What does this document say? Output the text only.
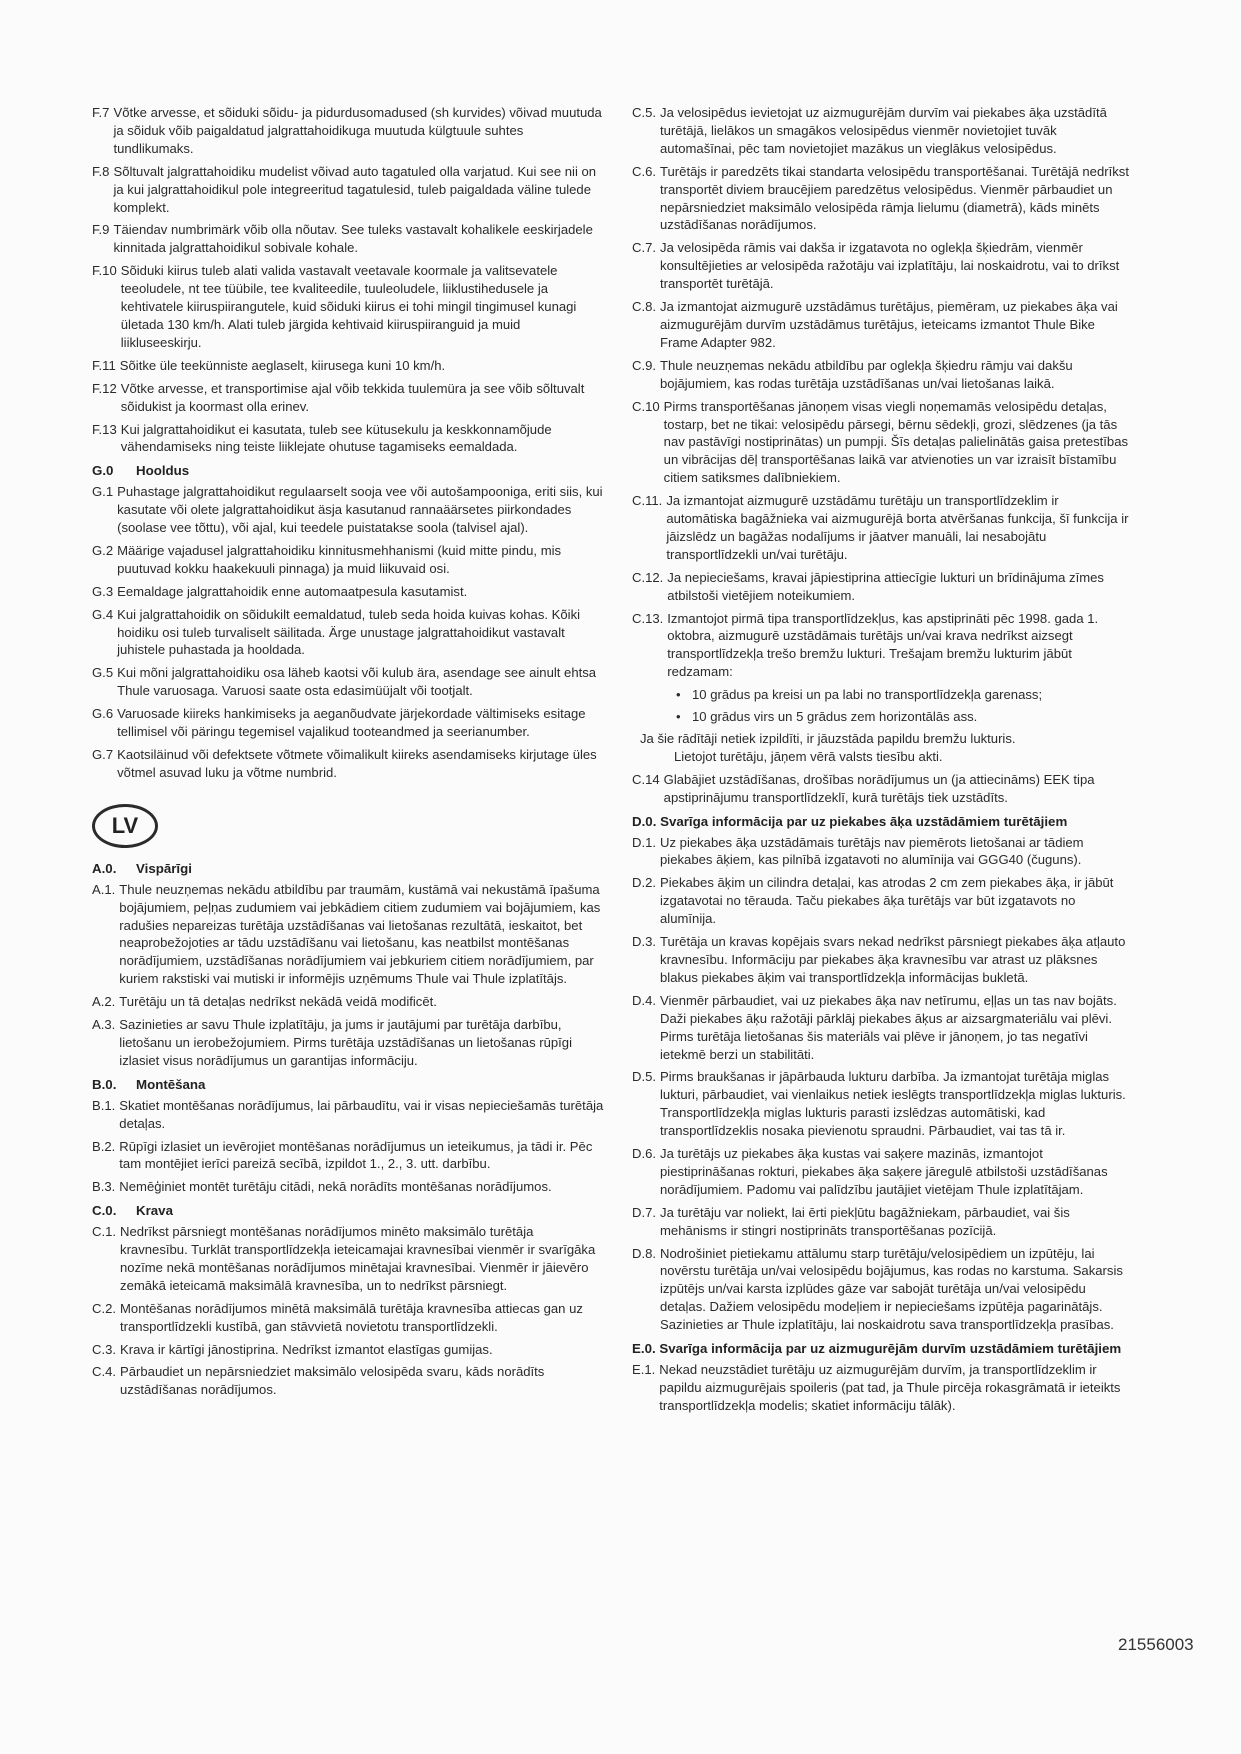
F.7 Võtke arvesse, et sõiduki sõidu- ja pidurdusomadused (sh kurvides) võivad muutuda ja sõiduk võib paigaldatud jalgrattahoidikuga muutuda külgtuule suhtes tundlikumaks.
F.8 Sõltuvalt jalgrattahoidiku mudelist võivad auto tagatuled olla varjatud. Kui see nii on ja kui jalgrattahoidikul pole integreeritud tagatulesid, tuleb paigaldada väline tulede komplekt.
F.9 Täiendav numbrimärk võib olla nõutav. See tuleks vastavalt kohalikele eeskirjadele kinnitada jalgrattahoidikul sobivale kohale.
F.10 Sõiduki kiirus tuleb alati valida vastavalt veetavale koormale ja valitsevatele teeoludele, nt tee tüübile, tee kvaliteedile, tuuleoludele, liiklustihedusele ja kehtivatele kiiruspiirangutele, kuid sõiduki kiirus ei tohi mingil tingimusel kunagi ületada 130 km/h. Alati tuleb järgida kehtivaid kiiruspiiranguid ja muid liikluseeskirju.
F.11 Sõitke üle teekünniste aeglaselt, kiirusega kuni 10 km/h.
F.12 Võtke arvesse, et transportimise ajal võib tekkida tuulemüra ja see võib sõltuvalt sõidukist ja koormast olla erinev.
F.13 Kui jalgrattahoidikut ei kasutata, tuleb see kütusekulu ja keskkonnamõjude vähendamiseks ning teiste liiklejate ohutuse tagamiseks eemaldada.
G.0	Hooldus
G.1 Puhastage jalgrattahoidikut regulaarselt sooja vee või autošampooniga, eriti siis, kui kasutate või olete jalgrattahoidikut äsja kasutanud rannaäärsetes piirkondades (soolase vee tõttu), või ajal, kui teedele puistatakse soola (talvisel ajal).
G.2 Määrige vajadusel jalgrattahoidiku kinnitusmehhanismi (kuid mitte pindu, mis puutuvad kokku haakekuuli pinnaga) ja muid liikuvaid osi.
G.3 Eemaldage jalgrattahoidik enne automaatpesula kasutamist.
G.4 Kui jalgrattahoidik on sõidukilt eemaldatud, tuleb seda hoida kuivas kohas. Kõiki hoidiku osi tuleb turvaliselt säilitada. Ärge unustage jalgrattahoidikut vastavalt juhistele puhastada ja hooldada.
G.5 Kui mõni jalgrattahoidiku osa läheb kaotsi või kulub ära, asendage see ainult ehtsa Thule varuosaga. Varuosi saate osta edasimüüjalt või tootjalt.
G.6 Varuosade kiireks hankimiseks ja aeganõudvate järjekordade vältimiseks esitage tellimisel või päringu tegemisel vajalikud tooteandmed ja seerianumber.
G.7 Kaotsiläinud või defektsete võtmete võimalikult kiireks asendamiseks kirjutage üles võtmel asuvad luku ja võtme numbrid.
LV
A.0.	Vispārīgi
A.1. Thule neuzņemas nekādu atbildību par traumām, kustāmā vai nekustāmā īpašuma bojājumiem, peļņas zudumiem vai jebkādiem citiem zudumiem vai bojājumiem, kas radušies nepareizas turētāja uzstādīšanas vai lietošanas rezultātā, ieskaitot, bet neaprobežojoties ar tādu uzstādīšanu vai lietošanu, kas neatbilst montēšanas norādījumiem, uzstādīšanas norādījumiem vai jebkuriem citiem norādījumiem, par kuriem rakstiski vai mutiski ir informējis uzņēmums Thule vai Thule izplatītājs.
A.2. Turētāju un tā detaļas nedrīkst nekādā veidā modificēt.
A.3. Sazinieties ar savu Thule izplatītāju, ja jums ir jautājumi par turētāja darbību, lietošanu un ierobežojumiem. Pirms turētāja uzstādīšanas un lietošanas rūpīgi izlasiet visus norādījumus un garantijas informāciju.
B.0.	Montēšana
B.1. Skatiet montēšanas norādījumus, lai pārbaudītu, vai ir visas nepieciešamās turētāja detaļas.
B.2. Rūpīgi izlasiet un ievērojiet montēšanas norādījumus un ieteikumus, ja tādi ir. Pēc tam montējiet ierīci pareizā secībā, izpildot 1., 2., 3. utt. darbību.
B.3. Nemēģiniet montēt turētāju citādi, nekā norādīts montēšanas norādījumos.
C.0.	Krava
C.1. Nedrīkst pārsniegt montēšanas norādījumos minēto maksimālo turētāja kravnesību. Turklāt transportlīdzekļa ieteicamajai kravnesībai vienmēr ir svarīgāka nozīme nekā montēšanas norādījumos minētajai kravnesībai. Vienmēr ir jāievēro zemākā ieteicamā maksimālā kravnesība, un to nedrīkst pārsniegt.
C.2. Montēšanas norādījumos minētā maksimālā turētāja kravnesība attiecas gan uz transportlīdzekli kustībā, gan stāvvietā novietotu transportlīdzekli.
C.3. Krava ir kārtīgi jānostiprina. Nedrīkst izmantot elastīgas gumijas.
C.4. Pārbaudiet un nepārsniedziet maksimālo velosipēda svaru, kāds norādīts uzstādīšanas norādījumos.
C.5. Ja velosipēdus ievietojat uz aizmugurējām durvīm vai piekabes āķa uzstādītā turētājā, lielākos un smagākos velosipēdus vienmēr novietojiet tuvāk automašīnai, pēc tam novietojiet mazākus un vieglākus velosipēdus.
C.6. Turētājs ir paredzēts tikai standarta velosipēdu transportēšanai. Turētājā nedrīkst transportēt diviem braucējiem paredzētus velosipēdus. Vienmēr pārbaudiet un nepārsniedziet maksimālo velosipēda rāmja lielumu (diametrā), kāds minēts uzstādīšanas norādījumos.
C.7. Ja velosipēda rāmis vai dakša ir izgatavota no oglekļa šķiedrām, vienmēr konsultējieties ar velosipēda ražotāju vai izplatītāju, lai noskaidrotu, vai to drīkst transportēt turētājā.
C.8. Ja izmantojat aizmugurē uzstādāmus turētājus, piemēram, uz piekabes āķa vai aizmugurējām durvīm uzstādāmus turētājus, ieteicams izmantot Thule Bike Frame Adapter 982.
C.9. Thule neuzņemas nekādu atbildību par oglekļa šķiedru rāmju vai dakšu bojājumiem, kas rodas turētāja uzstādīšanas un/vai lietošanas laikā.
C.10 Pirms transportēšanas jānoņem visas viegli noņemamās velosipēdu detaļas, tostarp, bet ne tikai: velosipēdu pārsegi, bērnu sēdekļi, grozi, slēdzenes (ja tās nav pastāvīgi nostiprinātas) un pumpji. Šīs detaļas palielinātās gaisa pretestības un vibrācijas dēļ transportēšanas laikā var atvienoties un var izraisīt bīstamību citiem satiksmes dalībniekiem.
C.11. Ja izmantojat aizmugurē uzstādāmu turētāju un transportlīdzeklim ir automātiska bagāžnieka vai aizmugurējā borta atvēršanas funkcija, šī funkcija ir jāizslēdz un bagāžas nodalījums ir jāatver manuāli, lai nesabojātu transportlīdzekli un/vai turētāju.
C.12. Ja nepieciešams, kravai jāpiestiprina attiecīgie lukturi un brīdinājuma zīmes atbilstoši vietējiem noteikumiem.
C.13. Izmantojot pirmā tipa transportlīdzekļus, kas apstiprināti pēc 1998. gada 1. oktobra, aizmugurē uzstādāmais turētājs un/vai krava nedrīkst aizsegt transportlīdzekļa trešo bremžu lukturi. Trešajam bremžu lukturim jābūt redzamam:
• 10 grādus pa kreisi un pa labi no transportlīdzekļa garenass;
• 10 grādus virs un 5 grādus zem horizontālās ass.
Ja šie rādītāji netiek izpildīti, ir jāuzstāda papildu bremžu lukturis.
Lietojot turētāju, jāņem vērā valsts tiesību akti.
C.14 Glabājiet uzstādīšanas, drošības norādījumus un (ja attiecināms) EEK tipa apstiprinājumu transportlīdzeklī, kurā turētājs tiek uzstādīts.
D.0. Svarīga informācija par uz piekabes āķa uzstādāmiem turētājiem
D.1. Uz piekabes āķa uzstādāmais turētājs nav piemērots lietošanai ar tādiem piekabes āķiem, kas pilnībā izgatavoti no alumīnija vai GGG40 (čuguns).
D.2. Piekabes āķim un cilindra detaļai, kas atrodas 2 cm zem piekabes āķa, ir jābūt izgatavotai no tērauda. Taču piekabes āķa turētājs var būt izgatavots no alumīnija.
D.3. Turētāja un kravas kopējais svars nekad nedrīkst pārsniegt piekabes āķa atļauto kravnesību. Informāciju par piekabes āķa kravnesību var atrast uz plāksnes blakus piekabes āķim vai transportlīdzekļa informācijas bukletā.
D.4. Vienmēr pārbaudiet, vai uz piekabes āķa nav netīrumu, eļļas un tas nav bojāts. Daži piekabes āķu ražotāji pārklāj piekabes āķus ar aizsargmateriālu vai plēvi. Pirms turētāja lietošanas šis materiāls vai plēve ir jānoņem, jo tas negatīvi ietekmē berzi un stabilitāti.
D.5. Pirms braukšanas ir jāpārbauda lukturu darbība. Ja izmantojat turētāja miglas lukturi, pārbaudiet, vai vienlaikus netiek ieslēgts transportlīdzekļa miglas lukturis. Transportlīdzekļa miglas lukturis parasti izslēdzas automātiski, kad transportlīdzeklis nosaka pievienotu spraudni. Pārbaudiet, vai tas tā ir.
D.6. Ja turētājs uz piekabes āķa kustas vai saķere mazinās, izmantojot piestiprināšanas rokturi, piekabes āķa saķere jāregulē atbilstoši uzstādīšanas norādījumiem. Padomu vai palīdzību jautājiet vietējam Thule izplatītājam.
D.7. Ja turētāju var noliekt, lai ērti piekļūtu bagāžniekam, pārbaudiet, vai šis mehānisms ir stingri nostiprināts transportēšanas pozīcijā.
D.8. Nodrošiniet pietiekamu attālumu starp turētāju/velosipēdiem un izpūtēju, lai novērstu turētāja un/vai velosipēdu bojājumus, kas rodas no karstuma. Sakarsis izpūtējs un/vai karsta izplūdes gāze var sabojāt turētāja un/vai velosipēdu detaļas. Dažiem velosipēdu modeļiem ir nepieciešams izpūtēja pagarinātājs. Sazinieties ar Thule izplatītāju, lai noskaidrotu sava transportlīdzekļa prasības.
E.0. Svarīga informācija par uz aizmugurējām durvīm uzstādāmiem turētājiem
E.1. Nekad neuzstādiet turētāju uz aizmugurējām durvīm, ja transportlīdzeklim ir papildu aizmugurējais spoileris (pat tad, ja Thule pircēja rokasgrāmatā ir ieteikts transportlīdzekļa modelis; skatiet informāciju tālāk).
21556003
